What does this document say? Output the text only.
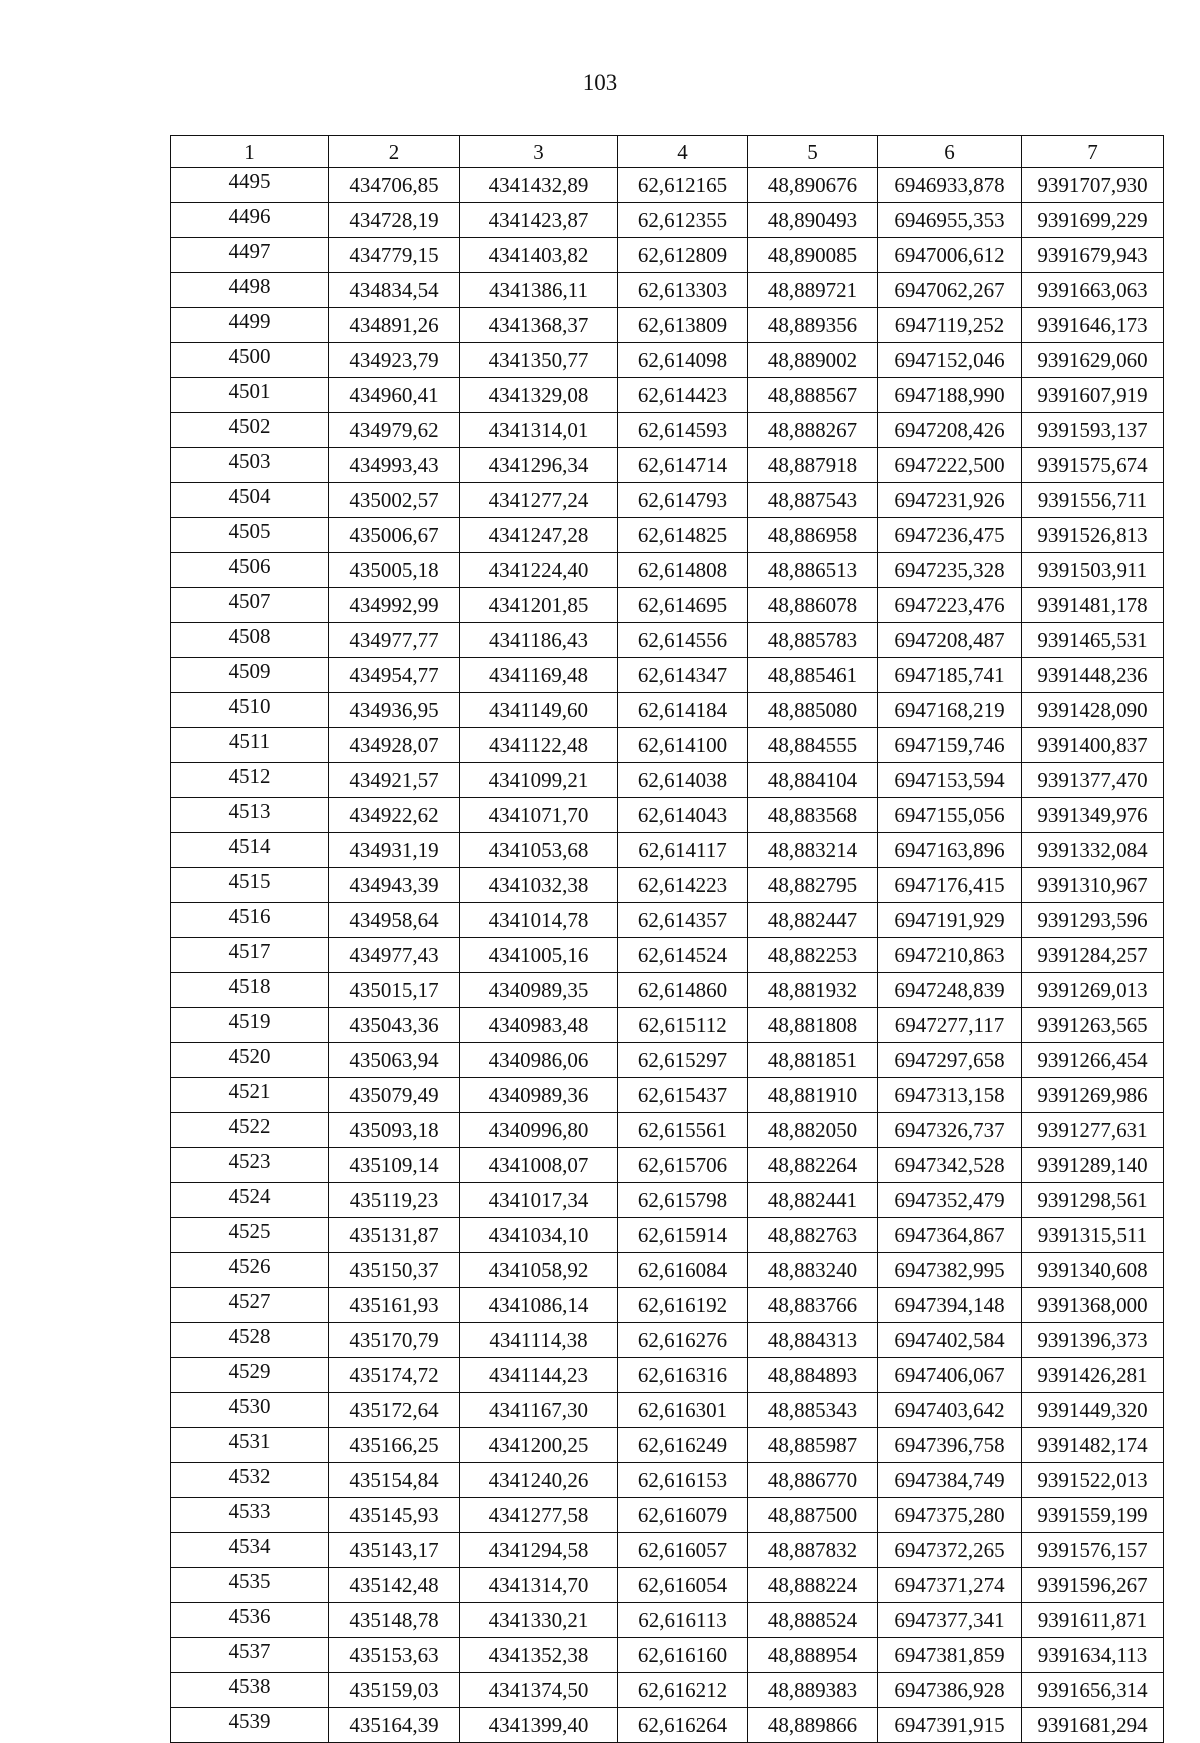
103
1	2	3	4	5	6	7
4495	434706,85	4341432,89	62,612165	48,890676	6946933,878	9391707,930
4496	434728,19	4341423,87	62,612355	48,890493	6946955,353	9391699,229
4497	434779,15	4341403,82	62,612809	48,890085	6947006,612	9391679,943
4498	434834,54	4341386,11	62,613303	48,889721	6947062,267	9391663,063
4499	434891,26	4341368,37	62,613809	48,889356	6947119,252	9391646,173
4500	434923,79	4341350,77	62,614098	48,889002	6947152,046	9391629,060
4501	434960,41	4341329,08	62,614423	48,888567	6947188,990	9391607,919
4502	434979,62	4341314,01	62,614593	48,888267	6947208,426	9391593,137
4503	434993,43	4341296,34	62,614714	48,887918	6947222,500	9391575,674
4504	435002,57	4341277,24	62,614793	48,887543	6947231,926	9391556,711
4505	435006,67	4341247,28	62,614825	48,886958	6947236,475	9391526,813
4506	435005,18	4341224,40	62,614808	48,886513	6947235,328	9391503,911
4507	434992,99	4341201,85	62,614695	48,886078	6947223,476	9391481,178
4508	434977,77	4341186,43	62,614556	48,885783	6947208,487	9391465,531
4509	434954,77	4341169,48	62,614347	48,885461	6947185,741	9391448,236
4510	434936,95	4341149,60	62,614184	48,885080	6947168,219	9391428,090
4511	434928,07	4341122,48	62,614100	48,884555	6947159,746	9391400,837
4512	434921,57	4341099,21	62,614038	48,884104	6947153,594	9391377,470
4513	434922,62	4341071,70	62,614043	48,883568	6947155,056	9391349,976
4514	434931,19	4341053,68	62,614117	48,883214	6947163,896	9391332,084
4515	434943,39	4341032,38	62,614223	48,882795	6947176,415	9391310,967
4516	434958,64	4341014,78	62,614357	48,882447	6947191,929	9391293,596
4517	434977,43	4341005,16	62,614524	48,882253	6947210,863	9391284,257
4518	435015,17	4340989,35	62,614860	48,881932	6947248,839	9391269,013
4519	435043,36	4340983,48	62,615112	48,881808	6947277,117	9391263,565
4520	435063,94	4340986,06	62,615297	48,881851	6947297,658	9391266,454
4521	435079,49	4340989,36	62,615437	48,881910	6947313,158	9391269,986
4522	435093,18	4340996,80	62,615561	48,882050	6947326,737	9391277,631
4523	435109,14	4341008,07	62,615706	48,882264	6947342,528	9391289,140
4524	435119,23	4341017,34	62,615798	48,882441	6947352,479	9391298,561
4525	435131,87	4341034,10	62,615914	48,882763	6947364,867	9391315,511
4526	435150,37	4341058,92	62,616084	48,883240	6947382,995	9391340,608
4527	435161,93	4341086,14	62,616192	48,883766	6947394,148	9391368,000
4528	435170,79	4341114,38	62,616276	48,884313	6947402,584	9391396,373
4529	435174,72	4341144,23	62,616316	48,884893	6947406,067	9391426,281
4530	435172,64	4341167,30	62,616301	48,885343	6947403,642	9391449,320
4531	435166,25	4341200,25	62,616249	48,885987	6947396,758	9391482,174
4532	435154,84	4341240,26	62,616153	48,886770	6947384,749	9391522,013
4533	435145,93	4341277,58	62,616079	48,887500	6947375,280	9391559,199
4534	435143,17	4341294,58	62,616057	48,887832	6947372,265	9391576,157
4535	435142,48	4341314,70	62,616054	48,888224	6947371,274	9391596,267
4536	435148,78	4341330,21	62,616113	48,888524	6947377,341	9391611,871
4537	435153,63	4341352,38	62,616160	48,888954	6947381,859	9391634,113
4538	435159,03	4341374,50	62,616212	48,889383	6947386,928	9391656,314
4539	435164,39	4341399,40	62,616264	48,889866	6947391,915	9391681,294
